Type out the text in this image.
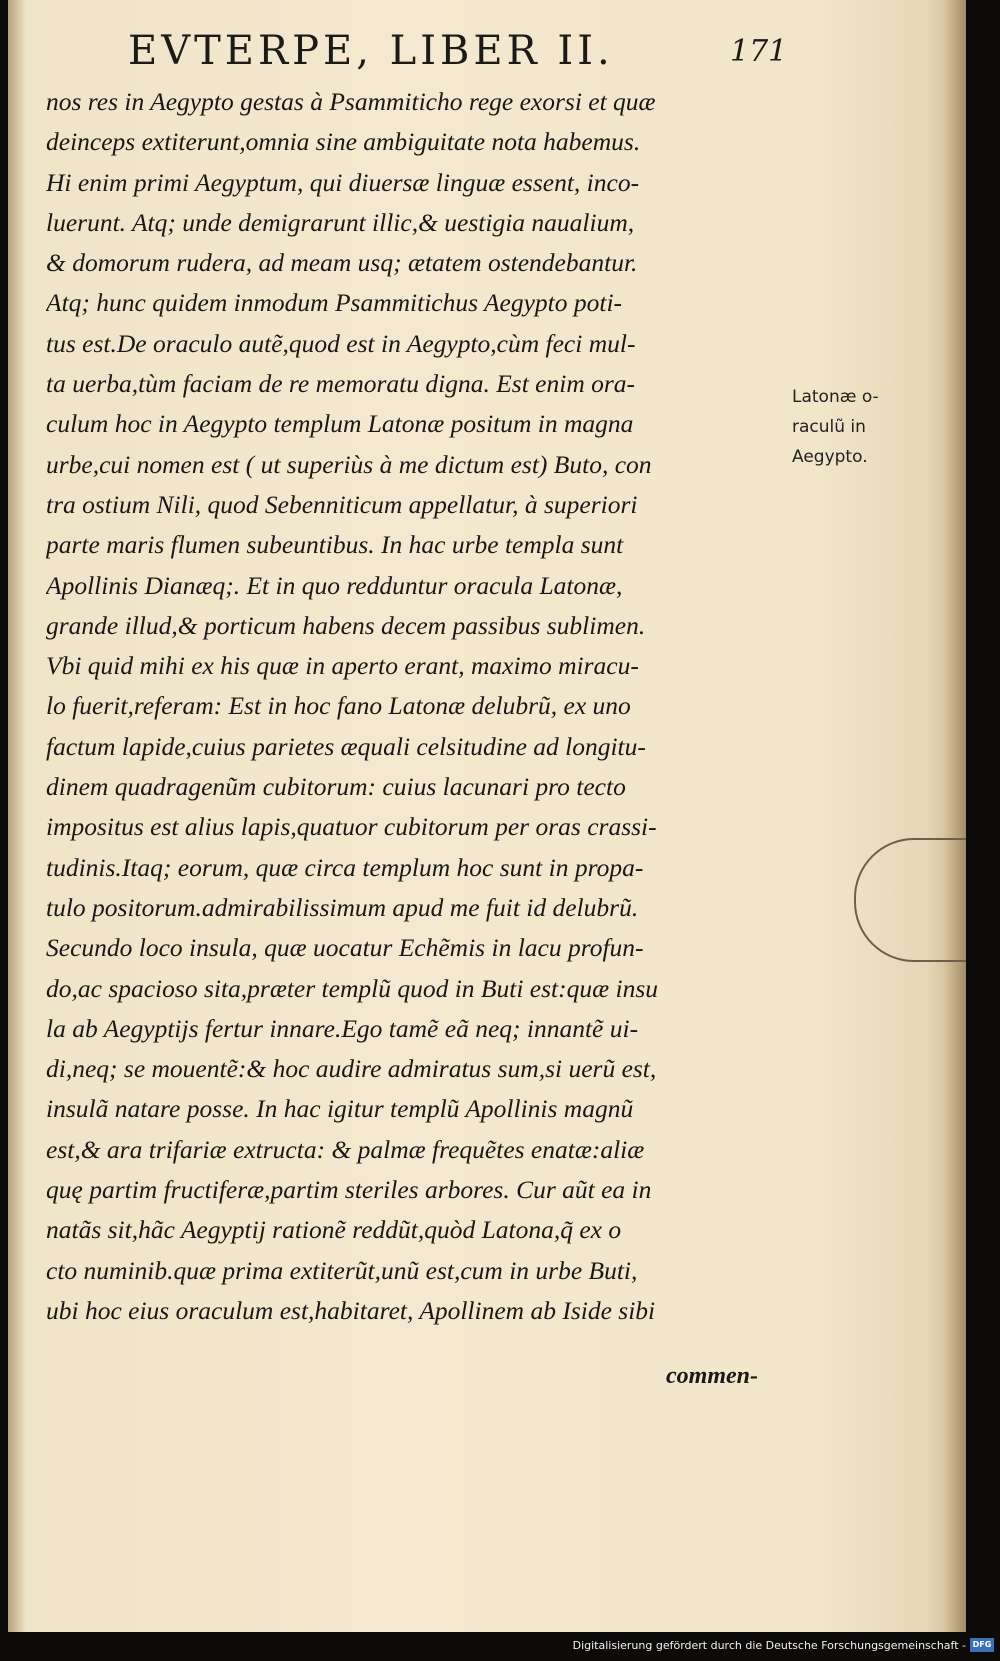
EVTERPE, LIBER II.	171
nos res in Aegypto gestas à Psammiticho rege exorsi et quæ
deinceps extiterunt,omnia sine ambiguitate nota habemus.
Hi enim primi Aegyptum, qui diuersæ linguæ essent, inco-
luerunt. Atq; unde demigrarunt illic,& uestigia naualium,
& domorum rudera, ad meam usq; ætatem ostendebantur.
Atq; hunc quidem inmodum Psammitichus Aegypto poti-
tus est.De oraculo autẽ,quod est in Aegypto,cùm feci mul-
ta uerba,tùm faciam de re memoratu digna. Est enim ora-
culum hoc in Aegypto templum Latonæ positum in magna
urbe,cui nomen est ( ut superiùs à me dictum est) Buto, con
tra ostium Nili, quod Sebenniticum appellatur, à superiori
parte maris flumen subeuntibus. In hac urbe templa sunt
Apollinis Dianæq;. Et in quo redduntur oracula Latonæ,
grande illud,& porticum habens decem passibus sublimen.
Vbi quid mihi ex his quæ in aperto erant, maximo miracu-
lo fuerit,referam: Est in hoc fano Latonæ delubrũ, ex uno
factum lapide,cuius parietes æquali celsitudine ad longitu-
dinem quadragenũm cubitorum: cuius lacunari pro tecto
impositus est alius lapis,quatuor cubitorum per oras crassi-
tudinis.Itaq; eorum, quæ circa templum hoc sunt in propa-
tulo positorum.admirabilissimum apud me fuit id delubrũ.
Secundo loco insula, quæ uocatur Echẽmis in lacu profun-
do,ac spacioso sita,præter templũ quod in Buti est:quæ insu
la ab Aegyptijs fertur innare.Ego tamẽ eã neq; innantẽ ui-
di,neq; se mouentẽ:& hoc audire admiratus sum,si uerũ est,
insulã natare posse. In hac igitur templũ Apollinis magnũ
est,& ara trifariæ extructa: & palmæ frequẽtes enatæ:aliæ
quę partim fructiferæ,partim steriles arbores. Cur aũt ea in
natãs sit,hãc Aegyptij rationẽ reddũt,quòd Latona,q̃ ex o
cto numinib.quæ prima extiterũt,unũ est,cum in urbe Buti,
ubi hoc eius oraculum est,habitaret, Apollinem ab Iside sibi
commen-
Latonæ o-
raculũ in
Aegypto.
Digitalisierung gefördert durch die Deutsche Forschungsgemeinschaft - DFG
